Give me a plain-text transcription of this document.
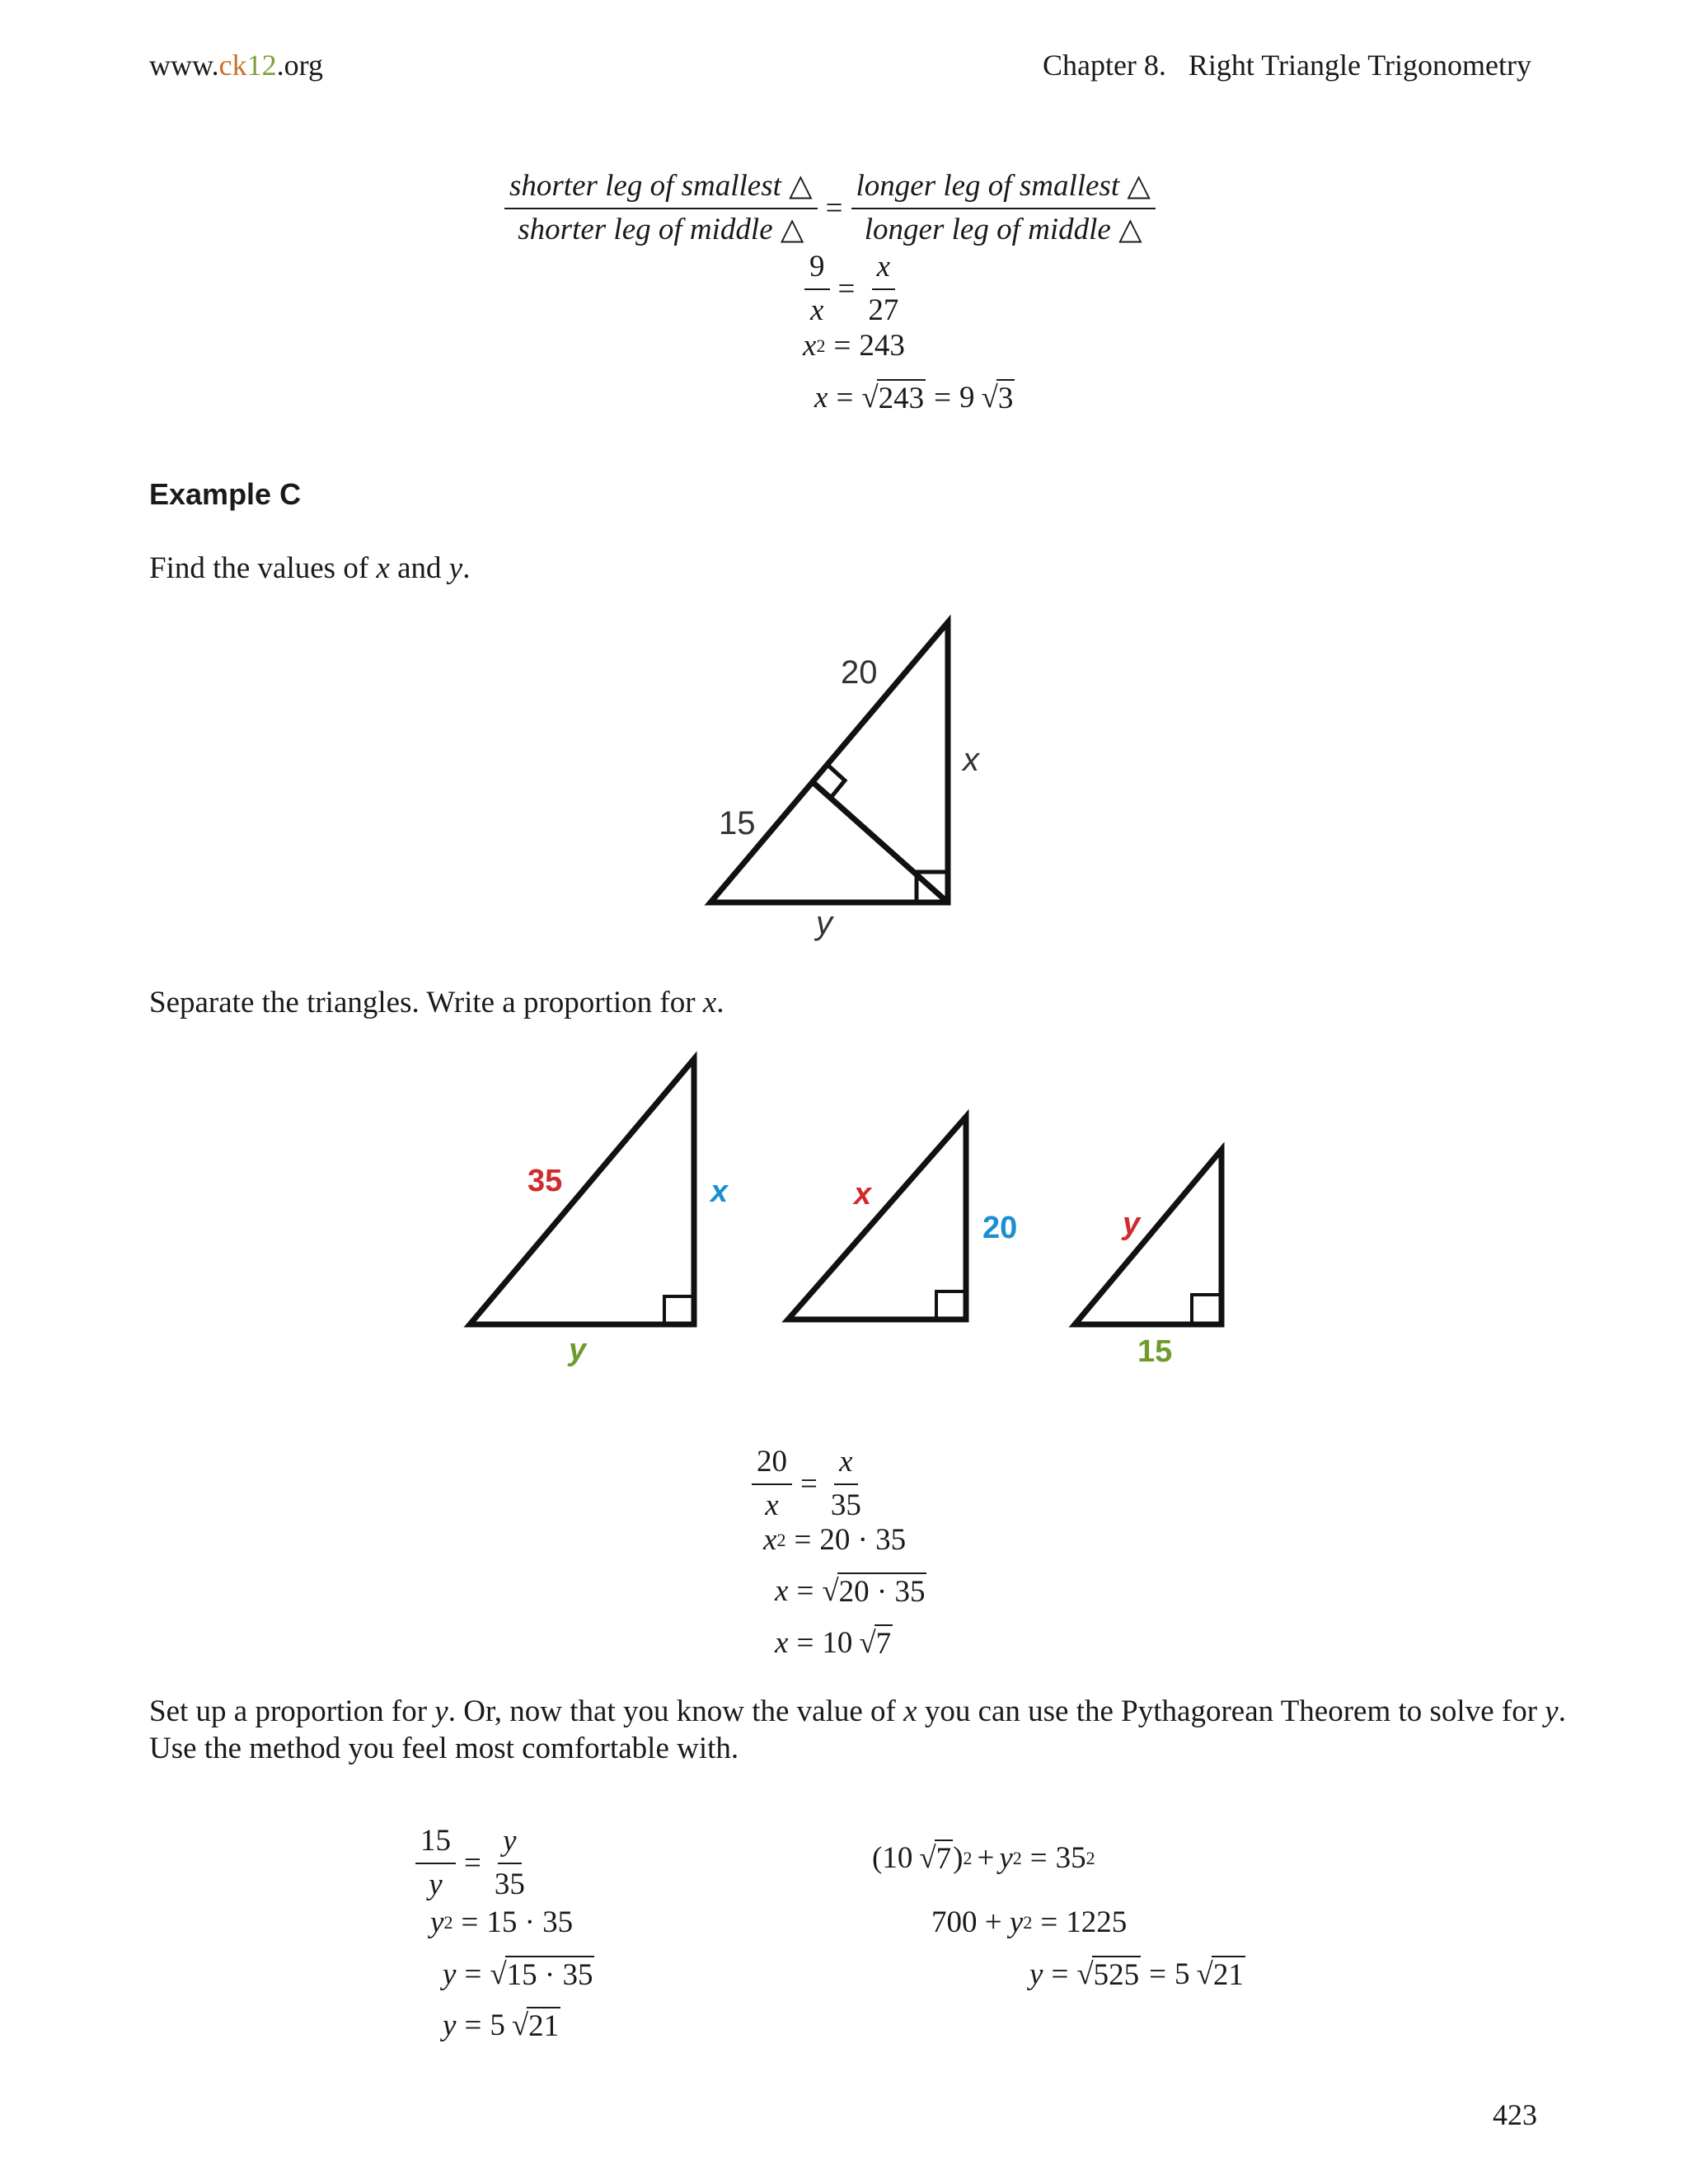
www.ck12.org	Chapter 8.   Right Triangle Trigonometry
$\frac{\text{shorter leg of smallest △}}{\text{shorter leg of middle △}} = \frac{\text{longer leg of smallest △}}{\text{longer leg of middle △}}$
$\frac{9}{x} = \frac{x}{27}$
x 2 = 243
x = √ 243 = 9 √ 3
Example C
Find the values of x and y.
20
15
x
y
Separate the triangles. Write a proportion for x.
35	x
y
x
20	y
15
$\frac{20}{x} = \frac{x}{35}$
x 2 = 20 · 35
x = √ 20 · 35
x = 10 √ 7
Set up a proportion for y. Or, now that you know the value of x you can use the Pythagorean Theorem to solve for y.
Use the method you feel most comfortable with.
$\frac{15}{y} = \frac{y}{35}$
y 2 = 15 · 35
y = √ 15 · 35
y = 5 √ 21
(10 √ 7 ) 2 + y 2 = 35 2
700 + y 2 = 1225
y = √ 525 = 5 √ 21
423
